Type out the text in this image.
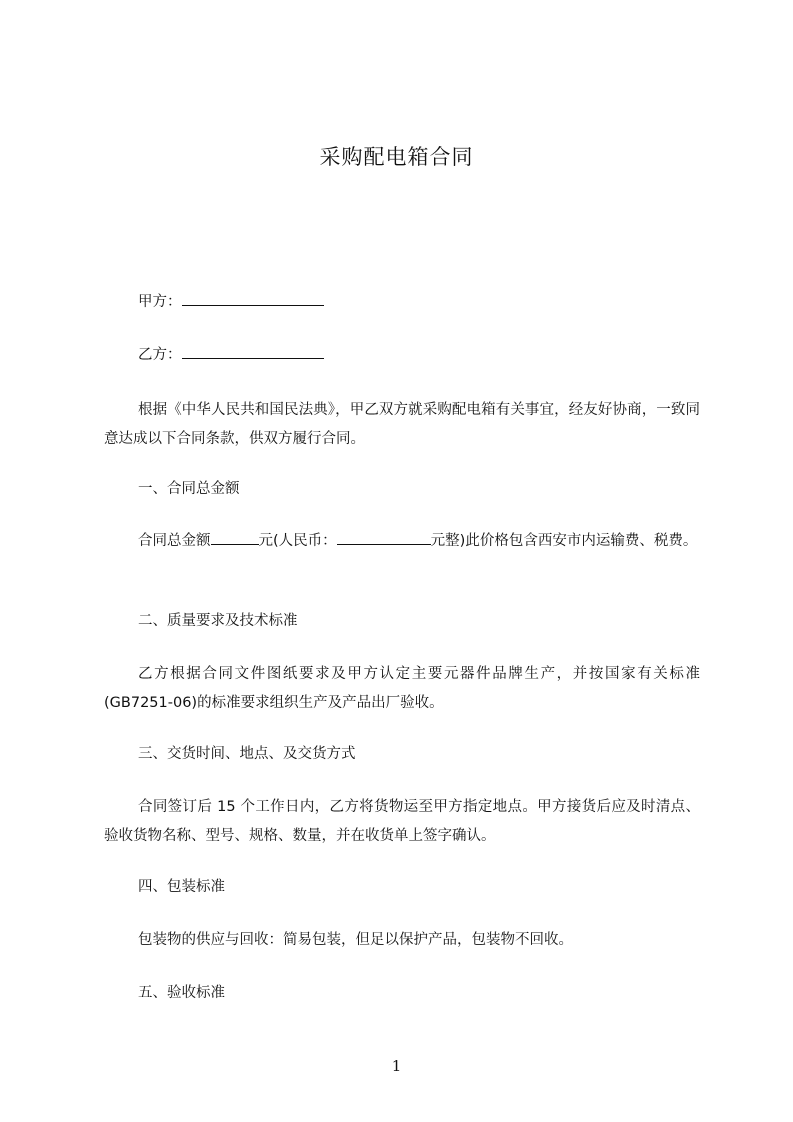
采购配电箱合同

甲方：

乙方：

根据《中华人民共和国民法典》，甲乙双方就采购配电箱有关事宜，经友好协商，一致同意达成以下合同条款，供双方履行合同。

一、合同总金额

合同总金额	元(人民币：	元整)此价格包含西安市内运输费、税费。

二、质量要求及技术标准

乙方根据合同文件图纸要求及甲方认定主要元器件品牌生产，并按国家有关标准(GB7251-06)的标准要求组织生产及产品出厂验收。

三、交货时间、地点、及交货方式

合同签订后 15 个工作日内，乙方将货物运至甲方指定地点。甲方接货后应及时清点、验收货物名称、型号、规格、数量，并在收货单上签字确认。

四、包装标准

包装物的供应与回收：简易包装，但足以保护产品，包装物不回收。

五、验收标准

1
